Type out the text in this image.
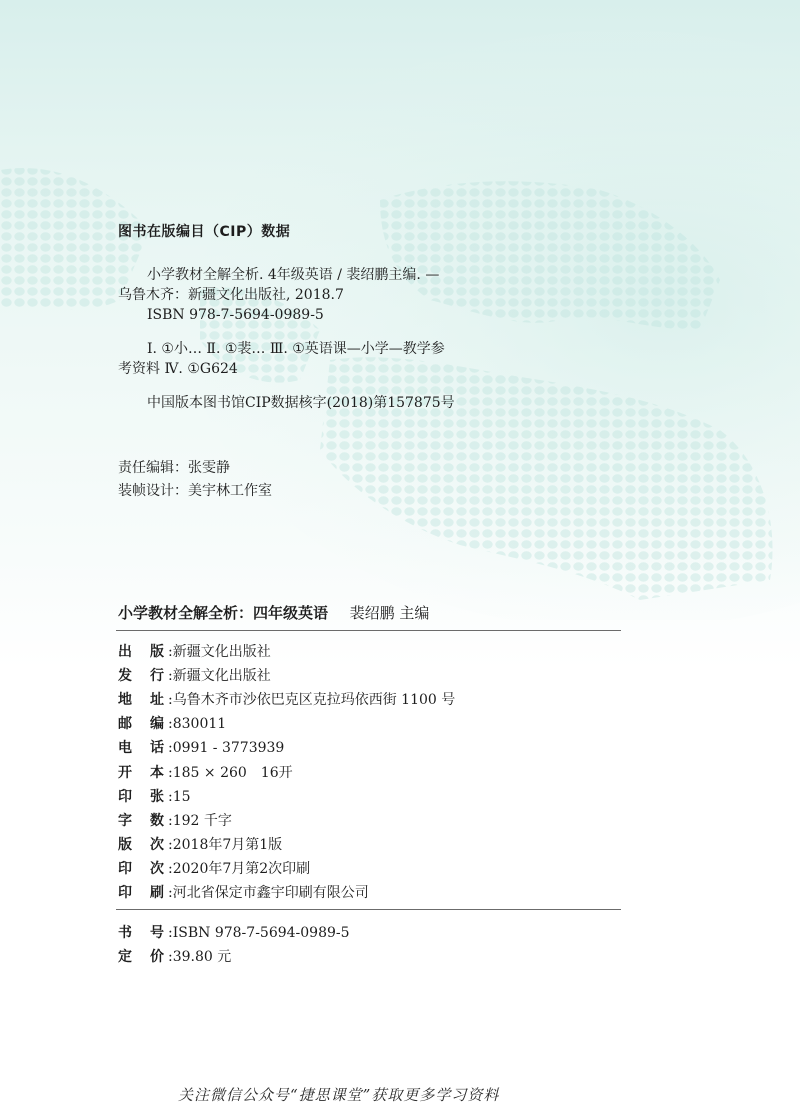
图书在版编目（CIP）数据
小学教材全解全析. 4年级英语 / 裴绍鹏主编. —
乌鲁木齐：新疆文化出版社, 2018.7
ISBN 978-7-5694-0989-5
Ⅰ. ①小… Ⅱ. ①裴… Ⅲ. ①英语课—小学—教学参
考资料 Ⅳ. ①G624
中国版本图书馆CIP数据核字(2018)第157875号
责任编辑：张雯静
装帧设计：美宇林工作室
小学教材全解全析：四年级英语 裴绍鹏 主编
出 版 :新疆文化出版社
发 行 :新疆文化出版社
地 址 :乌鲁木齐市沙依巴克区克拉玛依西街 1100 号
邮 编 :830011
电 话 :0991 - 3773939
开 本 :185 × 260　16开
印 张 :15
字 数 :192 千字
版 次 :2018年7月第1版
印 次 :2020年7月第2次印刷
印 刷 :河北省保定市鑫宇印刷有限公司
书 号 :ISBN 978-7-5694-0989-5
定 价 :39.80 元
关注微信公众号“捷思课堂”获取更多学习资料
